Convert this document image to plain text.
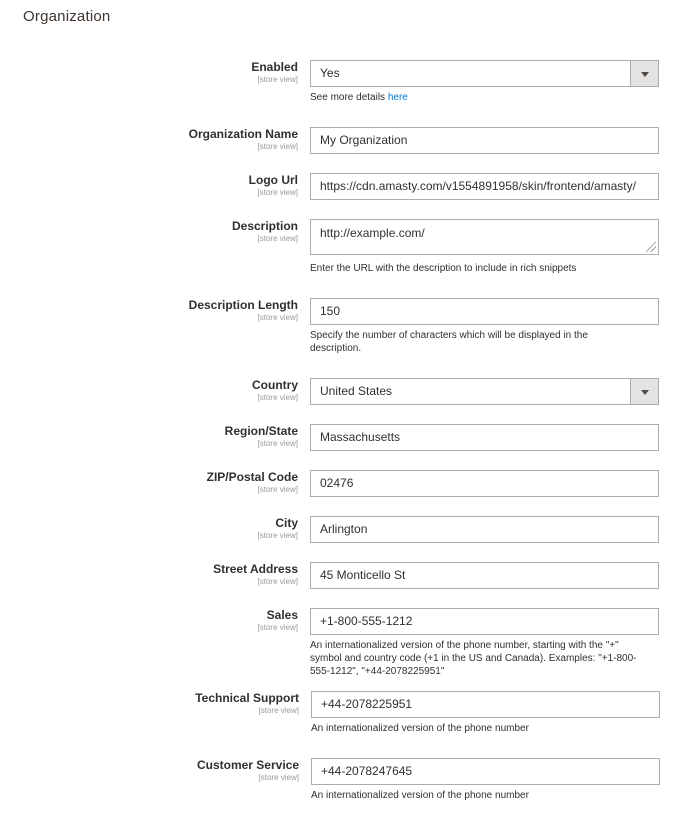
Organization
Enabled
[store view] Yes
See more details here
Organization Name
[store view] My Organization
Logo Url
[store view] https://cdn.amasty.com/v1554891958/skin/frontend/amasty/
Description
[store view] http://example.com/
Enter the URL with the description to include in rich snippets
Description Length
[store view] 150
Specify the number of characters which will be displayed in the description.
Country
[store view] United States
Region/State
[store view] Massachusetts
ZIP/Postal Code
[store view] 02476
City
[store view] Arlington
Street Address
[store view] 45 Monticello St
Sales
[store view] +1-800-555-1212
An internationalized version of the phone number, starting with the "+" symbol and country code (+1 in the US and Canada). Examples: "+1-800-555-1212", "+44-2078225951"
Technical Support
[store view] +44-2078225951
An internationalized version of the phone number
Customer Service
[store view] +44-2078247645
An internationalized version of the phone number
